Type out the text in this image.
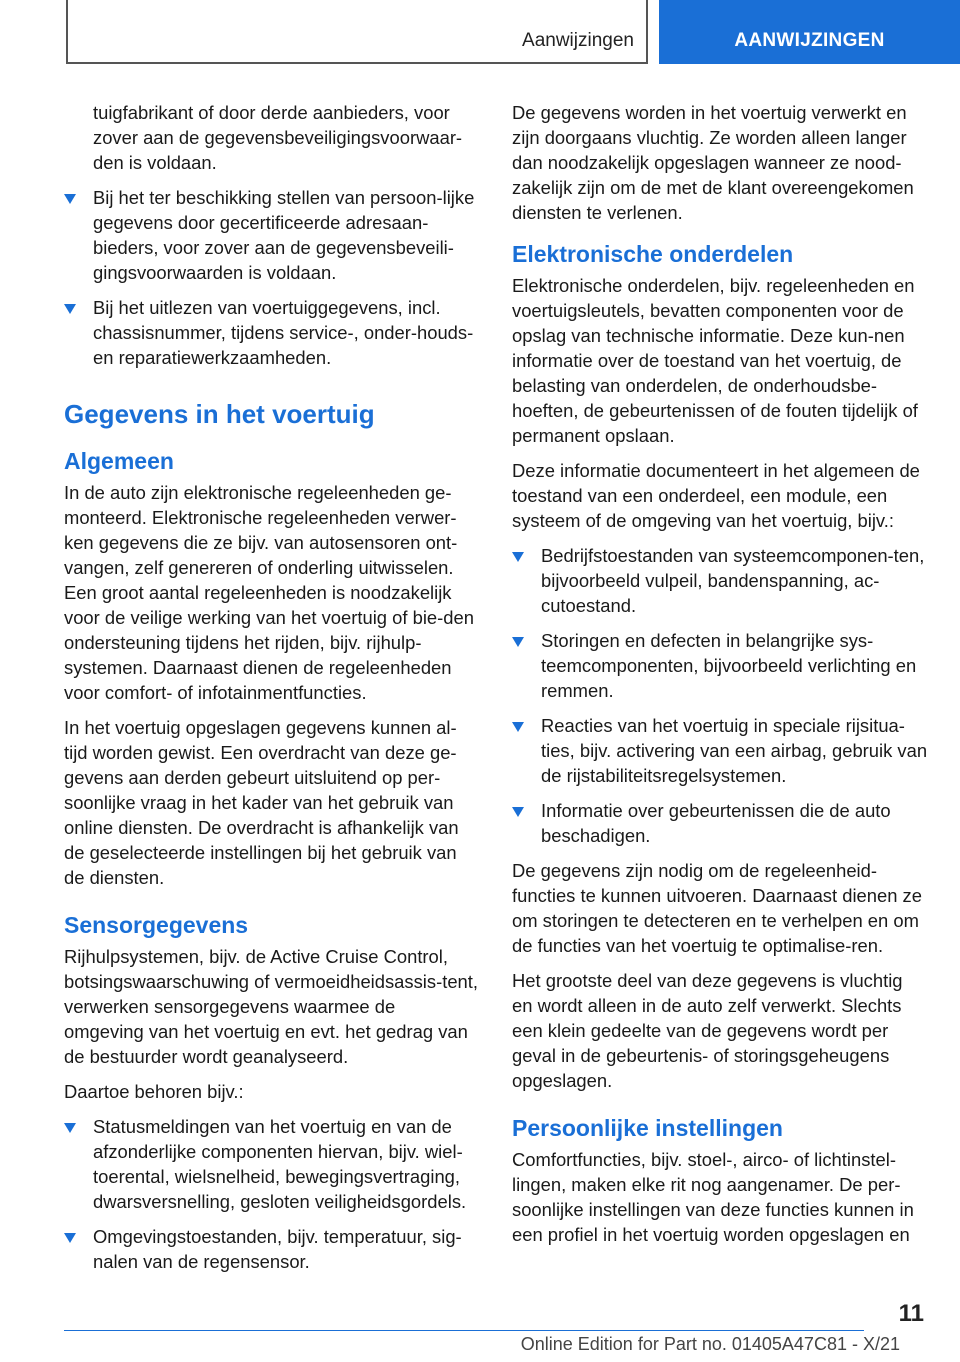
Aanwijzingen	AANWIJZINGEN

tuigfabrikant of door derde aanbieders, voor zover aan de gegevensbeveiligingsvoorwaar-den is voldaan.

Bij het ter beschikking stellen van persoon-lijke gegevens door gecertificeerde adresaan-bieders, voor zover aan de gegevensbeveili-gingsvoorwaarden is voldaan.
Bij het uitlezen van voertuiggegevens, incl. chassisnummer, tijdens service-, onder-houds- en reparatiewerkzaamheden.
Gegevens in het voertuig
Algemeen

In de auto zijn elektronische regeleenheden ge-monteerd. Elektronische regeleenheden verwer-ken gegevens die ze bijv. van autosensoren ont-vangen, zelf genereren of onderling uitwisselen. Een groot aantal regeleenheden is noodzakelijk voor de veilige werking van het voertuig of bie-den ondersteuning tijdens het rijden, bijv. rijhulp-systemen. Daarnaast dienen de regeleenheden voor comfort- of infotainmentfuncties.

In het voertuig opgeslagen gegevens kunnen al-tijd worden gewist. Een overdracht van deze ge-gevens aan derden gebeurt uitsluitend op per-soonlijke vraag in het kader van het gebruik van online diensten. De overdracht is afhankelijk van de geselecteerde instellingen bij het gebruik van de diensten.

Sensorgegevens

Rijhulpsystemen, bijv. de Active Cruise Control, botsingswaarschuwing of vermoeidheidsassis-tent, verwerken sensorgegevens waarmee de omgeving van het voertuig en evt. het gedrag van de bestuurder wordt geanalyseerd.

Daartoe behoren bijv.:

Statusmeldingen van het voertuig en van de afzonderlijke componenten hiervan, bijv. wiel-toerental, wielsnelheid, bewegingsvertraging, dwarsversnelling, gesloten veiligheidsgordels.
Omgevingstoestanden, bijv. temperatuur, sig-nalen van de regensensor.

De gegevens worden in het voertuig verwerkt en zijn doorgaans vluchtig. Ze worden alleen langer dan noodzakelijk opgeslagen wanneer ze nood-zakelijk zijn om de met de klant overeengekomen diensten te verlenen.

Elektronische onderdelen

Elektronische onderdelen, bijv. regeleenheden en voertuigsleutels, bevatten componenten voor de opslag van technische informatie. Deze kun-nen informatie over de toestand van het voertuig, de belasting van onderdelen, de onderhoudsbe-hoeften, de gebeurtenissen of de fouten tijdelijk of permanent opslaan.

Deze informatie documenteert in het algemeen de toestand van een onderdeel, een module, een systeem of de omgeving van het voertuig, bijv.:

Bedrijfstoestanden van systeemcomponen-ten, bijvoorbeeld vulpeil, bandenspanning, ac-cutoestand.
Storingen en defecten in belangrijke sys-teemcomponenten, bijvoorbeeld verlichting en remmen.
Reacties van het voertuig in speciale rijsitua-ties, bijv. activering van een airbag, gebruik van de rijstabiliteitsregelsystemen.
Informatie over gebeurtenissen die de auto beschadigen.

De gegevens zijn nodig om de regeleenheid-functies te kunnen uitvoeren. Daarnaast dienen ze om storingen te detecteren en te verhelpen en om de functies van het voertuig te optimalise-ren.

Het grootste deel van deze gegevens is vluchtig en wordt alleen in de auto zelf verwerkt. Slechts een klein gedeelte van de gegevens wordt per geval in de gebeurtenis- of storingsgeheugens opgeslagen.

Persoonlijke instellingen

Comfortfuncties, bijv. stoel-, airco- of lichtinstel-lingen, maken elke rit nog aangenamer. De per-soonlijke instellingen van deze functies kunnen in een profiel in het voertuig worden opgeslagen en

11
Online Edition for Part no. 01405A47C81 - X/21
